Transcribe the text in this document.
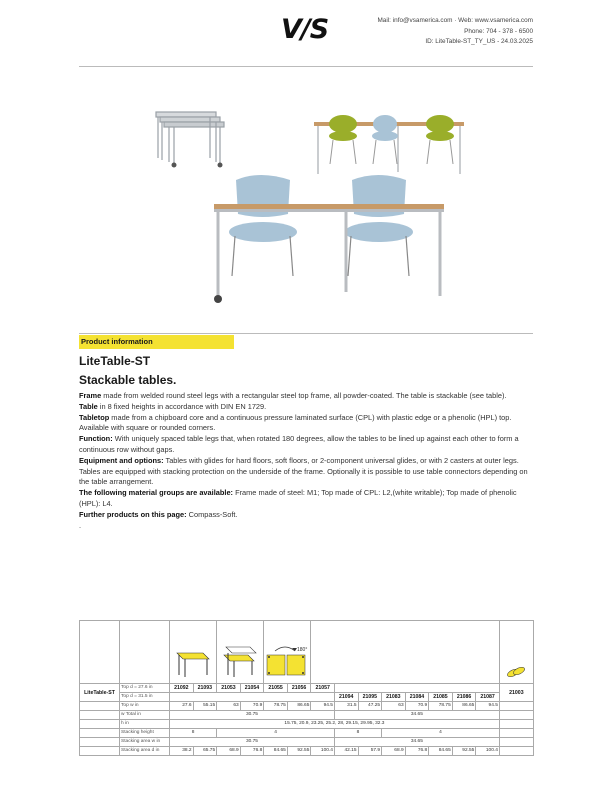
V/S	Mail: info@vsamerica.com · Web: www.vsamerica.com
Phone: 704 - 378 - 6500
ID: LiteTable-ST_TY_US - 24.03.2025
Product information
LiteTable-ST
Stackable tables.

Frame made from welded round steel legs with a rectangular steel top frame, all powder-coated. The table is stackable (see table).

Table in 8 fixed heights in accordance with DIN EN 1729.

Tabletop made from a chipboard core and a continuous pressure laminated surface (CPL) with plastic edge or a phenolic (HPL) top. Available with square or rounded corners.

Function: With uniquely spaced table legs that, when rotated 180 degrees, allow the tables to be lined up against each other to form a continuous row without gaps.

Equipment and options: Tables with glides for hard floors, soft floors, or 2-component universal glides, or with 2 casters at outer legs. Tables are equipped with stacking protection on the underside of the frame. Optionally it is possible to use table connectors depending on the table arrangement.

The following material groups are available: Frame made of steel: M1; Top made of CPL: L2,(white writable); Top made of phenolic (HPL): L4.

Further products on this page: Compass-Soft.

.

180°

LiteTable-ST	Top d = 27.6 in	21092	21093	21053	21054	21055	21056	21057								21003
	Top d = 31.5 in								21094	21095	21083	21084	21085	21086	21087	
	Top w in	27.6	55.15	63	70.9	78.75	86.65	94.5	31.5	47.25	63	70.9	78.75	86.65	94.5	
	w Total in	30.75							34.65							
	h in	15.75, 20.9, 23.25, 25.2, 28, 29.15, 29.95, 32.3														
	Stacking height	8		4					8		4					
	Stacking area w in	30.75							34.65							
	Stacking area d in	38.2	65.75	68.9	76.8	84.65	92.55	100.4	42.15	57.9	68.9	76.8	84.65	92.55	100.4	
